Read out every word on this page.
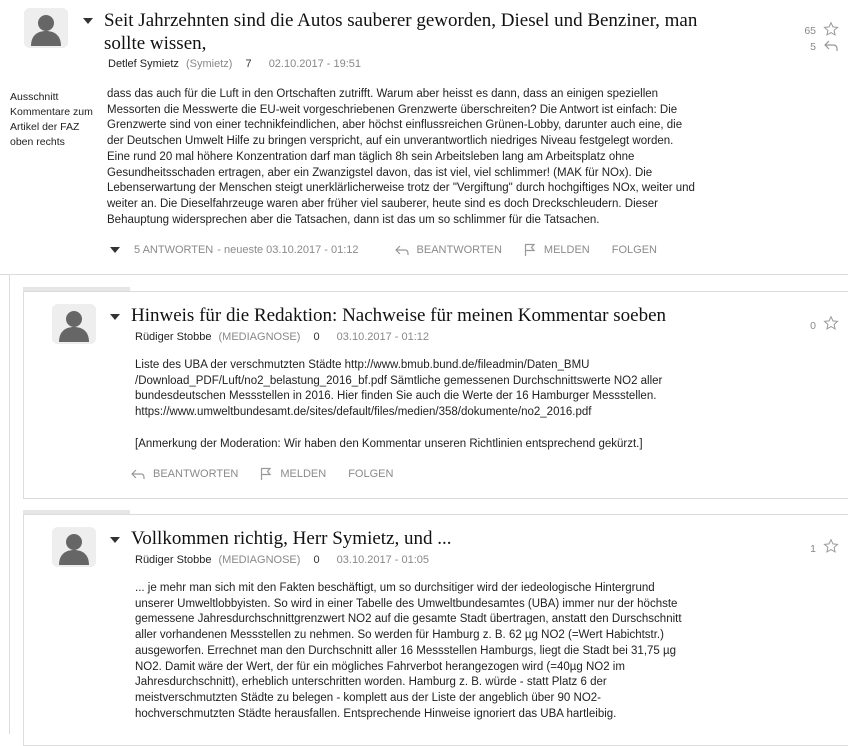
Seit Jahrzehnten sind die Autos sauberer geworden, Diesel und Benziner, man sollte wissen,
Detlef Symietz (Symietz) 7 02.10.2017 - 19:51
65
5
Ausschnitt Kommentare zum Artikel der FAZ oben rechts
dass das auch für die Luft in den Ortschaften zutrifft. Warum aber heisst es dann, dass an einigen speziellen Messorten die Messwerte die EU-weit vorgeschriebenen Grenzwerte überschreiten? Die Antwort ist einfach: Die Grenzwerte sind von einer technikfeindlichen, aber höchst einflussreichen Grünen-Lobby, darunter auch eine, die der Deutschen Umwelt Hilfe zu bringen verspricht, auf ein unverantwortlich niedriges Niveau festgelegt worden. Eine rund 20 mal höhere Konzentration darf man täglich 8h sein Arbeitsleben lang am Arbeitsplatz ohne Gesundheitsschaden ertragen, aber ein Zwanzigstel davon, das ist viel, viel schlimmer! (MAK für NOx). Die Lebenserwartung der Menschen steigt unerklärlicherweise trotz der "Vergiftung" durch hochgiftiges NOx, weiter und weiter an. Die Dieselfahrzeuge waren aber früher viel sauberer, heute sind es doch Dreckschleudern. Dieser Behauptung widersprechen aber die Tatsachen, dann ist das um so schlimmer für die Tatsachen.
5 ANTWORTEN - neueste 03.10.2017 - 01:12	BEANTWORTEN	MELDEN FOLGEN
Hinweis für die Redaktion: Nachweise für meinen Kommentar soeben
Rüdiger Stobbe (MEDIAGNOSE) 0 03.10.2017 - 01:12
0

Liste des UBA der verschmutzten Städte http://www.bmub.bund.de/fileadmin/Daten_BMU /Download_PDF/Luft/no2_belastung_2016_bf.pdf Sämtliche gemessenen Durchschnittswerte NO2 aller bundesdeutschen Messstellen in 2016. Hier finden Sie auch die Werte der 16 Hamburger Messstellen. https://www.umweltbundesamt.de/sites/default/files/medien/358/dokumente/no2_2016.pdf

[Anmerkung der Moderation: Wir haben den Kommentar unseren Richtlinien entsprechend gekürzt.]

BEANTWORTEN	MELDEN FOLGEN
Vollkommen richtig, Herr Symietz, und ...
Rüdiger Stobbe (MEDIAGNOSE) 0 03.10.2017 - 01:05
1
... je mehr man sich mit den Fakten beschäftigt, um so durchsitiger wird der iedeologische Hintergrund unserer Umweltlobbyisten. So wird in einer Tabelle des Umweltbundesamtes (UBA) immer nur der höchste gemessene Jahresdurchschnittgrenzwert NO2 auf die gesamte Stadt übertragen, anstatt den Durschschnitt aller vorhandenen Messstellen zu nehmen. So werden für Hamburg z. B. 62 µg NO2 (=Wert Habichtstr.) ausgeworfen. Errechnet man den Durchschnitt aller 16 Messstellen Hamburgs, liegt die Stadt bei 31,75 µg NO2. Damit wäre der Wert, der für ein mögliches Fahrverbot herangezogen wird (=40µg NO2 im Jahresdurchschnitt), erheblich unterschritten worden. Hamburg z. B. würde - statt Platz 6 der meistverschmutzten Städte zu belegen - komplett aus der Liste der angeblich über 90 NO2-hochverschmutzten Städte herausfallen. Entsprechende Hinweise ignoriert das UBA hartleibig.
